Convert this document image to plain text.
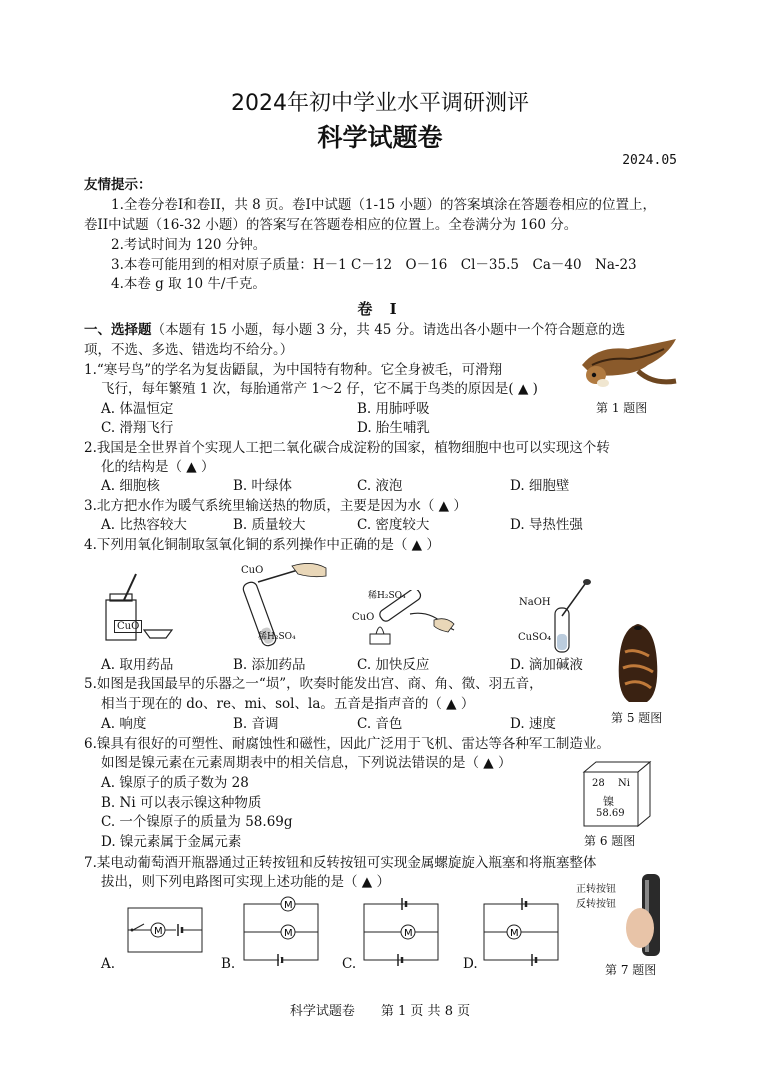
2024年初中学业水平调研测评
科学试题卷
2024.05
友情提示：
1.全卷分卷I和卷II，共 8 页。卷I中试题（1-15 小题）的答案填涂在答题卷相应的位置上，
卷II中试题（16-32 小题）的答案写在答题卷相应的位置上。全卷满分为 160 分。
2.考试时间为 120 分钟。
3.本卷可能用到的相对原子质量：H－1 C－12　O－16　Cl－35.5　Ca－40　Na-23
4.本卷 g 取 10 牛/千克。
卷 I
一、选择题（本题有 15 小题，每小题 3 分，共 45 分。请选出各小题中一个符合题意的选
项，不选、多选、错选均不给分。）
1.“寒号鸟”的学名为复齿鼯鼠，为中国特有物种。它全身被毛，可滑翔
飞行，每年繁殖 1 次，每胎通常产 1～2 仔，它不属于鸟类的原因是( ▲ )
A. 体温恒定	B. 用肺呼吸
C. 滑翔飞行	D. 胎生哺乳
第 1 题图
2.我国是全世界首个实现人工把二氧化碳合成淀粉的国家，植物细胞中也可以实现这个转
化的结构是（ ▲ ）
A. 细胞核	B. 叶绿体	C. 液泡	D. 细胞壁
3.北方把水作为暖气系统里输送热的物质，主要是因为水（ ▲ ）
A. 比热容较大	B. 质量较大	C. 密度较大	D. 导热性强
4.下列用氧化铜制取氢氧化铜的系列操作中正确的是（ ▲ ）
CuO
CuO
稀H₂SO₄
稀H₂SO₄
CuO
NaOH
CuSO₄
A. 取用药品	B. 添加药品	C. 加快反应	D. 滴加碱液
5.如图是我国最早的乐器之一“埙”，吹奏时能发出宫、商、角、徵、羽五音，
相当于现在的 do、re、mi、sol、la。五音是指声音的（ ▲ ）
A. 响度	B. 音调	C. 音色	D. 速度	第 5 题图
6.镍具有很好的可塑性、耐腐蚀性和磁性，因此广泛用于飞机、雷达等各种军工制造业。
如图是镍元素在元素周期表中的相关信息，下列说法错误的是（ ▲ ）
A. 镍原子的质子数为 28
B. Ni 可以表示镍这种物质
C. 一个镍原子的质量为 58.69g
D. 镍元素属于金属元素
28 Ni
镍
58.69
第 6 题图
7.某电动葡萄酒开瓶器通过正转按钮和反转按钮可实现金属螺旋旋入瓶塞和将瓶塞整体
拔出，则下列电路图可实现上述功能的是（ ▲ ）
M
A.
M
M
B.
M
C.
M
D.
正转按钮
反转按钮
第 7 题图
科学试题卷　　第 1 页 共 8 页
